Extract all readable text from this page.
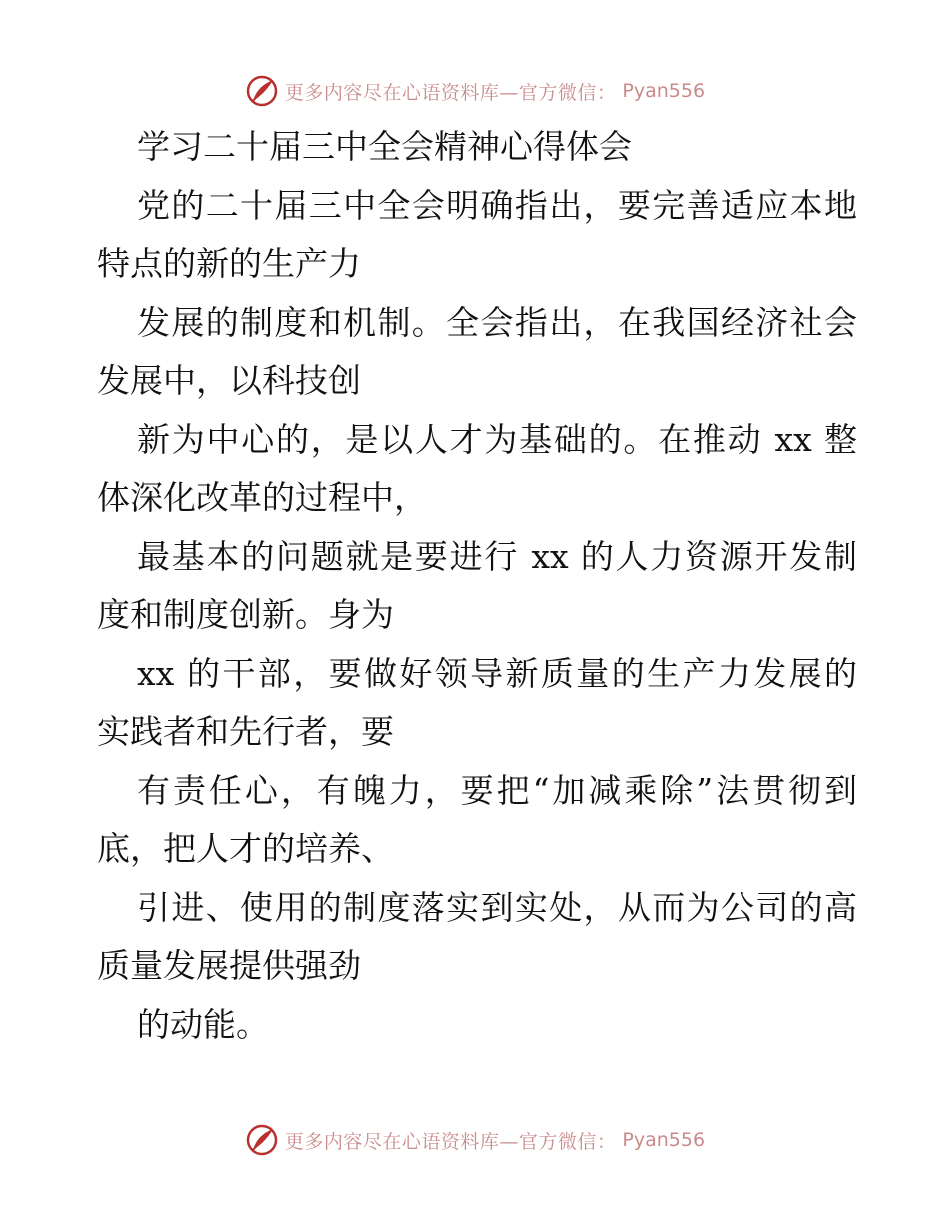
更多内容尽在心语资料库—官方微信： Pyan556
学习二十届三中全会精神心得体会
党的二十届三中全会明确指出，要完善适应本地
特点的新的生产力
发展的制度和机制。全会指出，在我国经济社会
发展中，以科技创
新为中心的，是以人才为基础的。在推动 xx 整
体深化改革的过程中，
最基本的问题就是要进行 xx 的人力资源开发制
度和制度创新。身为
xx 的干部，要做好领导新质量的生产力发展的
实践者和先行者，要
有责任心，有魄力，要把“加减乘除”法贯彻到
底，把人才的培养、
引进、使用的制度落实到实处，从而为公司的高
质量发展提供强劲
的动能。
更多内容尽在心语资料库—官方微信： Pyan556
